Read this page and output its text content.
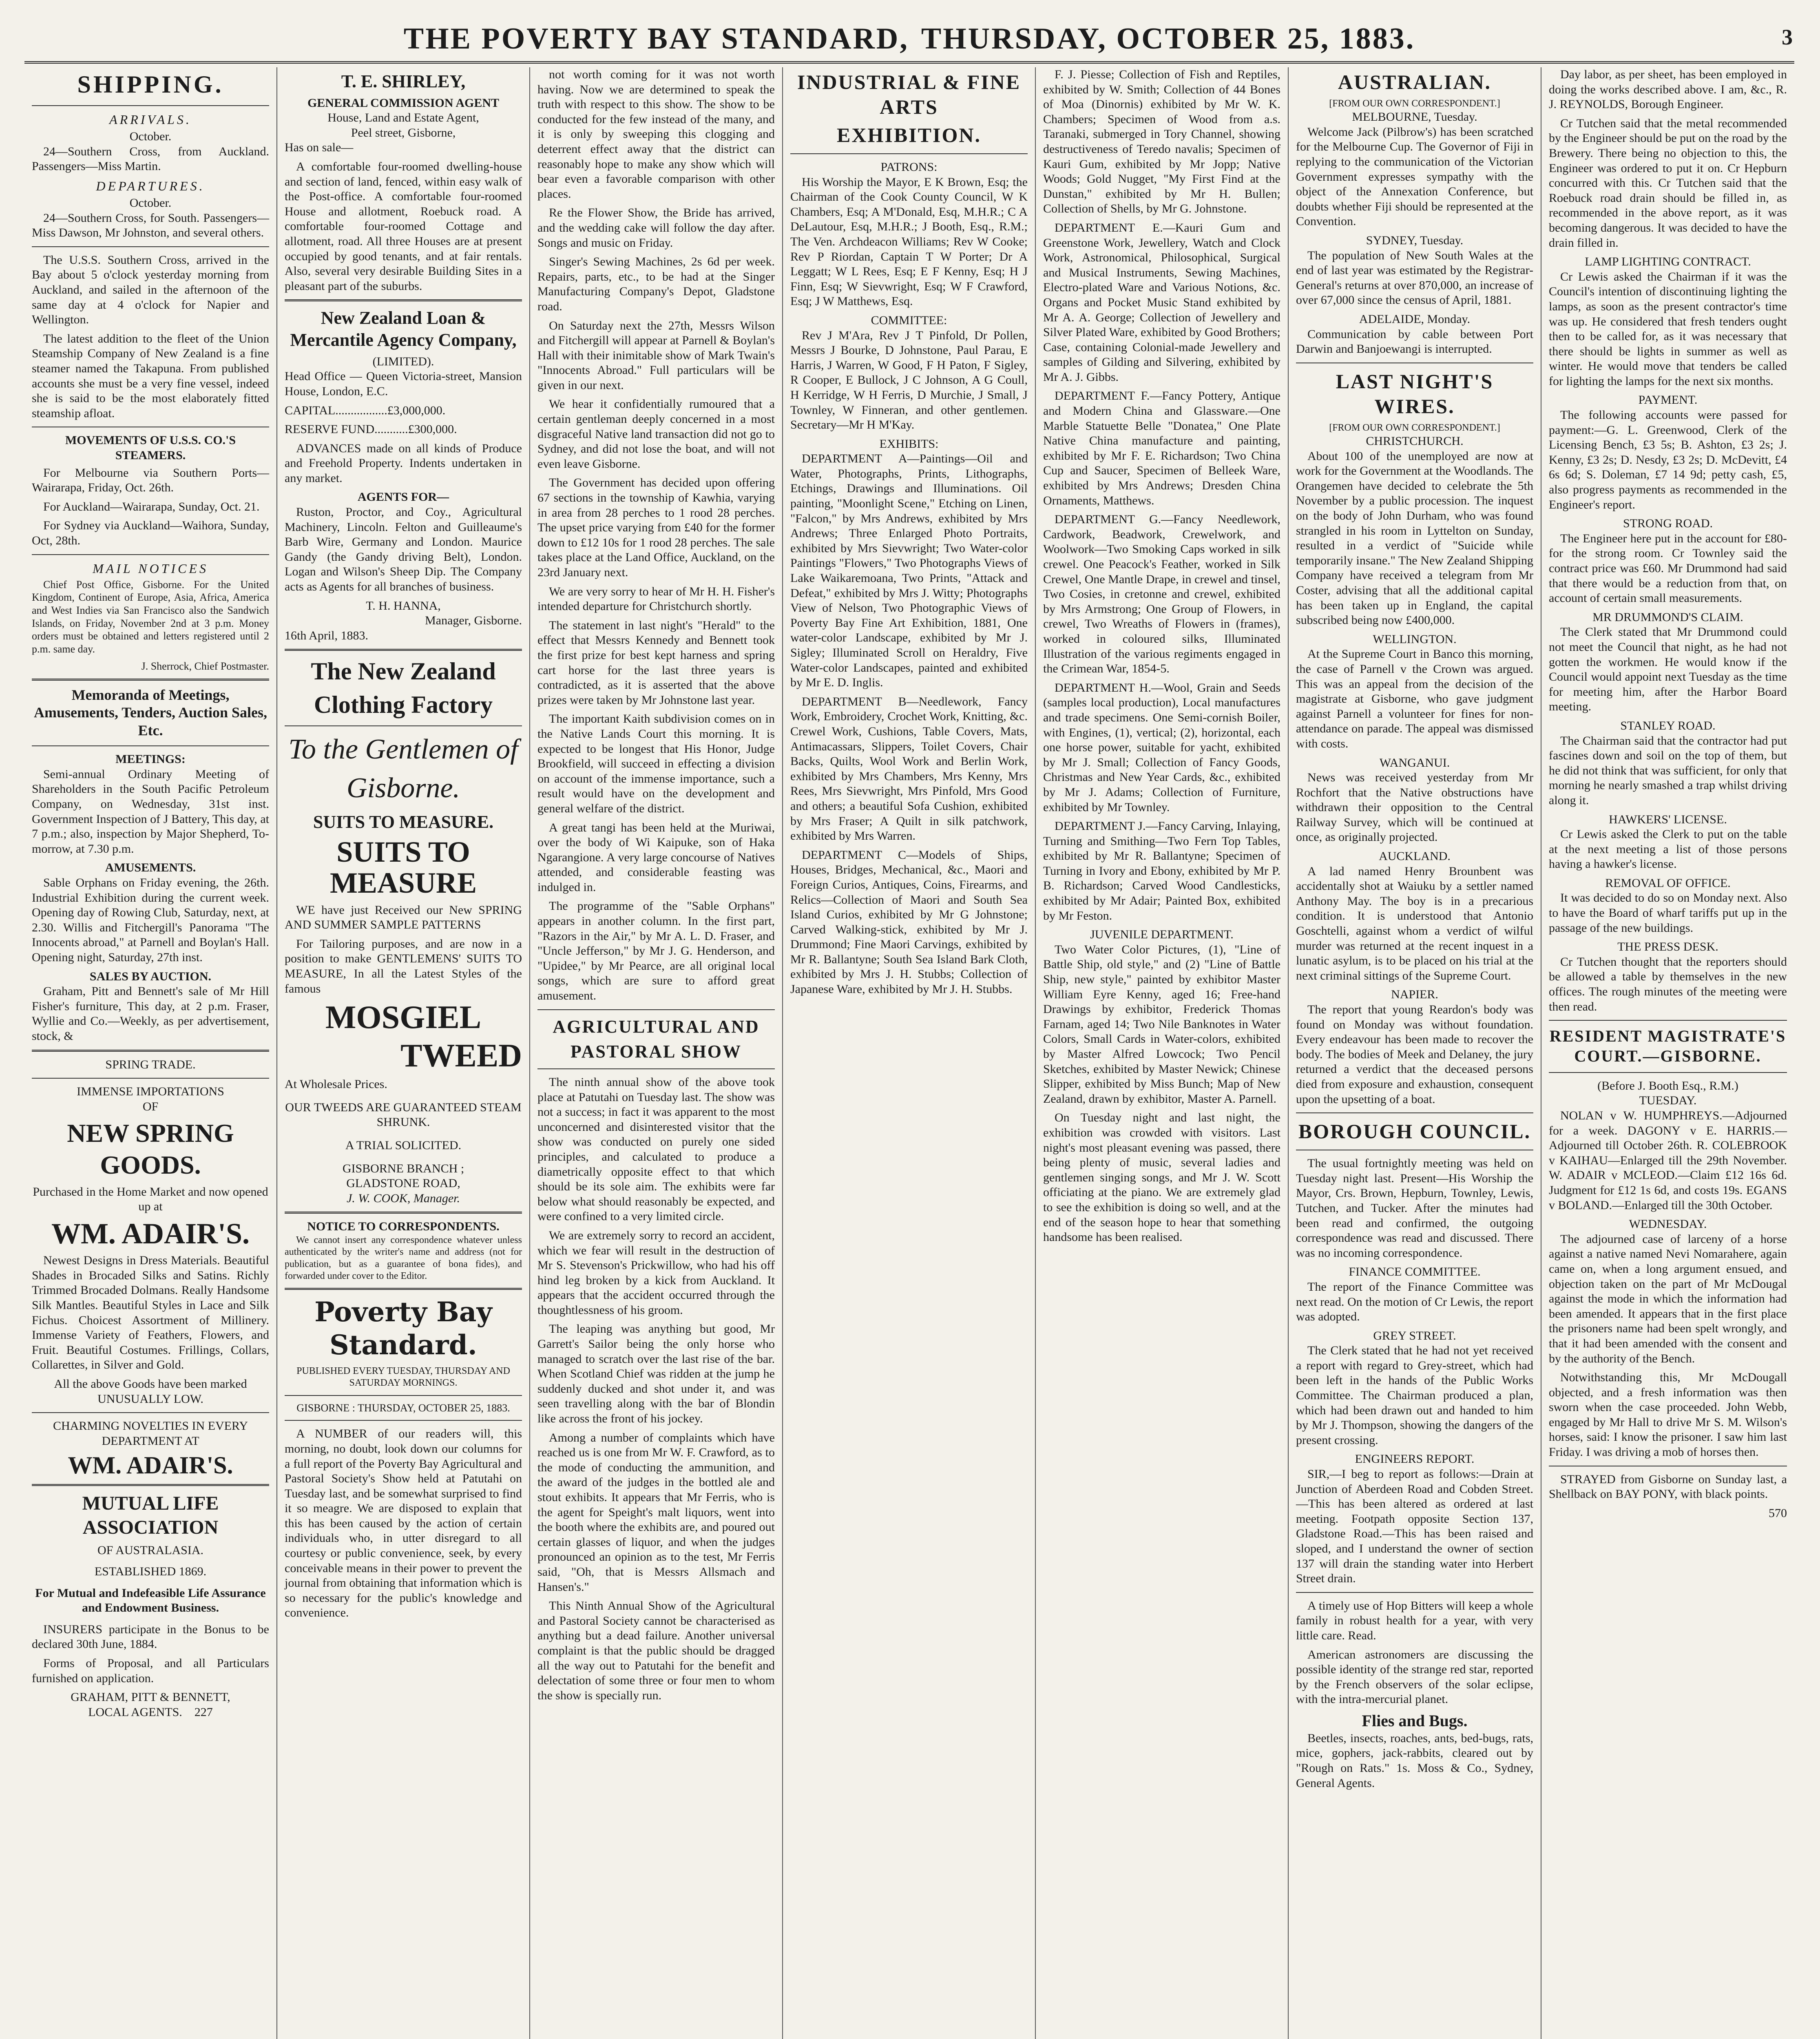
THE POVERTY BAY STANDARD, THURSDAY, OCTOBER 25, 1883.	3
SHIPPING.
ARRIVALS.
October.

24—Southern Cross, from Auckland. Passengers—Miss Martin.

DEPARTURES.
October.

24—Southern Cross, for South. Passengers—Miss Dawson, Mr Johnston, and several others.

The U.S.S. Southern Cross, arrived in the Bay about 5 o'clock yesterday morning from Auckland, and sailed in the afternoon of the same day at 4 o'clock for Napier and Wellington.

The latest addition to the fleet of the Union Steamship Company of New Zealand is a fine steamer named the Takapuna. From published accounts she must be a very fine vessel, indeed she is said to be the most elaborately fitted steamship afloat.

MOVEMENTS OF U.S.S. CO.'S STEAMERS.

For Melbourne via Southern Ports—Wairarapa, Friday, Oct. 26th.

For Auckland—Wairarapa, Sunday, Oct. 21.

For Sydney via Auckland—Waihora, Sunday, Oct, 28th.

MAIL NOTICES

Chief Post Office, Gisborne. For the United Kingdom, Continent of Europe, Asia, Africa, America and West Indies via San Francisco also the Sandwich Islands, on Friday, November 2nd at 3 p.m. Money orders must be obtained and letters registered until 2 p.m. same day.

J. Sherrock, Chief Postmaster.
Memoranda of Meetings, Amusements, Tenders, Auction Sales, Etc.
MEETINGS:

Semi-annual Ordinary Meeting of Shareholders in the South Pacific Petroleum Company, on Wednesday, 31st inst. Government Inspection of J Battery, This day, at 7 p.m.; also, inspection by Major Shepherd, To-morrow, at 7.30 p.m.

AMUSEMENTS.

Sable Orphans on Friday evening, the 26th. Industrial Exhibition during the current week. Opening day of Rowing Club, Saturday, next, at 2.30. Willis and Fitchergill's Panorama "The Innocents abroad," at Parnell and Boylan's Hall. Opening night, Saturday, 27th inst.

SALES BY AUCTION.

Graham, Pitt and Bennett's sale of Mr Hill Fisher's furniture, This day, at 2 p.m. Fraser, Wyllie and Co.—Weekly, as per advertisement, stock, &

SPRING TRADE.
IMMENSE IMPORTATIONS
OF
NEW SPRING GOODS.
Purchased in the Home Market and now opened up at
WM. ADAIR'S.

Newest Designs in Dress Materials. Beautiful Shades in Brocaded Silks and Satins. Richly Trimmed Brocaded Dolmans. Really Handsome Silk Mantles. Beautiful Styles in Lace and Silk Fichus. Choicest Assortment of Millinery. Immense Variety of Feathers, Flowers, and Fruit. Beautiful Costumes. Frillings, Collars, Collarettes, in Silver and Gold.

All the above Goods have been marked UNUSUALLY LOW.
CHARMING NOVELTIES IN EVERY DEPARTMENT AT
WM. ADAIR'S.
MUTUAL LIFE ASSOCIATION
OF AUSTRALASIA.
ESTABLISHED 1869.
For Mutual and Indefeasible Life Assurance and Endowment Business.

INSURERS participate in the Bonus to be declared 30th June, 1884.

Forms of Proposal, and all Particulars furnished on application.

GRAHAM, PITT & BENNETT,
LOCAL AGENTS. 227
T. E. SHIRLEY,
GENERAL COMMISSION AGENT
House, Land and Estate Agent,
Peel street, Gisborne,

Has on sale—

A comfortable four-roomed dwelling-house and section of land, fenced, within easy walk of the Post-office. A comfortable four-roomed House and allotment, Roebuck road. A comfortable four-roomed Cottage and allotment, road. All three Houses are at present occupied by good tenants, and at fair rentals. Also, several very desirable Building Sites in a pleasant part of the suburbs.

New Zealand Loan & Mercantile Agency Company,
(LIMITED).

Head Office — Queen Victoria-street, Mansion House, London, E.C.

CAPITAL.................£3,000,000.

RESERVE FUND...........£300,000.

ADVANCES made on all kinds of Produce and Freehold Property. Indents undertaken in any market.

AGENTS FOR—

Ruston, Proctor, and Coy., Agricultural Machinery, Lincoln. Felton and Guilleaume's Barb Wire, Germany and London. Maurice Gandy (the Gandy driving Belt), London. Logan and Wilson's Sheep Dip. The Company acts as Agents for all branches of business.

T. H. HANNA,
Manager, Gisborne.
16th April, 1883.
The New Zealand
Clothing Factory
To the Gentlemen of
Gisborne.
SUITS TO MEASURE.
SUITS TO MEASURE

WE have just Received our New SPRING AND SUMMER SAMPLE PATTERNS

For Tailoring purposes, and are now in a position to make GENTLEMENS' SUITS TO MEASURE, In all the Latest Styles of the famous

MOSGIEL
TWEED

At Wholesale Prices.

OUR TWEEDS ARE GUARANTEED STEAM SHRUNK.
A TRIAL SOLICITED.
GISBORNE BRANCH ;
GLADSTONE ROAD,
J. W. COOK, Manager.
NOTICE TO CORRESPONDENTS.

We cannot insert any correspondence whatever unless authenticated by the writer's name and address (not for publication, but as a guarantee of bona fides), and forwarded under cover to the Editor.

Poverty Bay Standard.
PUBLISHED EVERY TUESDAY, THURSDAY AND SATURDAY MORNINGS.
GISBORNE : THURSDAY, OCTOBER 25, 1883.

A NUMBER of our readers will, this morning, no doubt, look down our columns for a full report of the Poverty Bay Agricultural and Pastoral Society's Show held at Patutahi on Tuesday last, and be somewhat surprised to find it so meagre. We are disposed to explain that this has been caused by the action of certain individuals who, in utter disregard to all courtesy or public convenience, seek, by every conceivable means in their power to prevent the journal from obtaining that information which is so necessary for the public's knowledge and convenience.

not worth coming for it was not worth having. Now we are determined to speak the truth with respect to this show. The show to be conducted for the few instead of the many, and it is only by sweeping this clogging and deterrent effect away that the district can reasonably hope to make any show which will bear even a favorable comparison with other places.

Re the Flower Show, the Bride has arrived, and the wedding cake will follow the day after. Songs and music on Friday.

Singer's Sewing Machines, 2s 6d per week. Repairs, parts, etc., to be had at the Singer Manufacturing Company's Depot, Gladstone road.

On Saturday next the 27th, Messrs Wilson and Fitchergill will appear at Parnell & Boylan's Hall with their inimitable show of Mark Twain's "Innocents Abroad." Full particulars will be given in our next.

We hear it confidentially rumoured that a certain gentleman deeply concerned in a most disgraceful Native land transaction did not go to Sydney, and did not lose the boat, and will not even leave Gisborne.

The Government has decided upon offering 67 sections in the township of Kawhia, varying in area from 28 perches to 1 rood 28 perches. The upset price varying from £40 for the former down to £12 10s for 1 rood 28 perches. The sale takes place at the Land Office, Auckland, on the 23rd January next.

We are very sorry to hear of Mr H. H. Fisher's intended departure for Christchurch shortly.

The statement in last night's "Herald" to the effect that Messrs Kennedy and Bennett took the first prize for best kept harness and spring cart horse for the last three years is contradicted, as it is asserted that the above prizes were taken by Mr Johnstone last year.

The important Kaith subdivision comes on in the Native Lands Court this morning. It is expected to be longest that His Honor, Judge Brookfield, will succeed in effecting a division on account of the immense importance, such a result would have on the development and general welfare of the district.

A great tangi has been held at the Muriwai, over the body of Wi Kaipuke, son of Haka Ngarangione. A very large concourse of Natives attended, and considerable feasting was indulged in.

The programme of the "Sable Orphans" appears in another column. In the first part, "Razors in the Air," by Mr A. L. D. Fraser, and "Uncle Jefferson," by Mr J. G. Henderson, and "Upidee," by Mr Pearce, are all original local songs, which are sure to afford great amusement.

AGRICULTURAL AND
PASTORAL SHOW

The ninth annual show of the above took place at Patutahi on Tuesday last. The show was not a success; in fact it was apparent to the most unconcerned and disinterested visitor that the show was conducted on purely one sided principles, and calculated to produce a diametrically opposite effect to that which should be its sole aim. The exhibits were far below what should reasonably be expected, and were confined to a very limited circle.

We are extremely sorry to record an accident, which we fear will result in the destruction of Mr S. Stevenson's Prickwillow, who had his off hind leg broken by a kick from Auckland. It appears that the accident occurred through the thoughtlessness of his groom.

The leaping was anything but good, Mr Garrett's Sailor being the only horse who managed to scratch over the last rise of the bar. When Scotland Chief was ridden at the jump he suddenly ducked and shot under it, and was seen travelling along with the bar of Blondin like across the front of his jockey.

Among a number of complaints which have reached us is one from Mr W. F. Crawford, as to the mode of conducting the ammunition, and the award of the judges in the bottled ale and stout exhibits. It appears that Mr Ferris, who is the agent for Speight's malt liquors, went into the booth where the exhibits are, and poured out certain glasses of liquor, and when the judges pronounced an opinion as to the test, Mr Ferris said, "Oh, that is Messrs Allsmach and Hansen's."

This Ninth Annual Show of the Agricultural and Pastoral Society cannot be characterised as anything but a dead failure. Another universal complaint is that the public should be dragged all the way out to Patutahi for the benefit and delectation of some three or four men to whom the show is specially run.

INDUSTRIAL & FINE ARTS
EXHIBITION.
PATRONS:

His Worship the Mayor, E K Brown, Esq; the Chairman of the Cook County Council, W K Chambers, Esq; A M'Donald, Esq, M.H.R.; C A DeLautour, Esq, M.H.R.; J Booth, Esq., R.M.; The Ven. Archdeacon Williams; Rev W Cooke; Rev P Riordan, Captain T W Porter; Dr A Leggatt; W L Rees, Esq; E F Kenny, Esq; H J Finn, Esq; W Sievwright, Esq; W F Crawford, Esq; J W Matthews, Esq.

COMMITTEE:

Rev J M'Ara, Rev J T Pinfold, Dr Pollen, Messrs J Bourke, D Johnstone, Paul Parau, E Harris, J Warren, W Good, F H Paton, F Sigley, R Cooper, E Bullock, J C Johnson, A G Coull, H Kerridge, W H Ferris, D Murchie, J Small, J Townley, W Finneran, and other gentlemen. Secretary—Mr H M'Kay.

EXHIBITS:

DEPARTMENT A—Paintings—Oil and Water, Photographs, Prints, Lithographs, Etchings, Drawings and Illuminations. Oil painting, "Moonlight Scene," Etching on Linen, "Falcon," by Mrs Andrews, exhibited by Mrs Andrews; Three Enlarged Photo Portraits, exhibited by Mrs Sievwright; Two Water-color Paintings "Flowers," Two Photographs Views of Lake Waikaremoana, Two Prints, "Attack and Defeat," exhibited by Mrs J. Witty; Photographs View of Nelson, Two Photographic Views of Poverty Bay Fine Art Exhibition, 1881, One water-color Landscape, exhibited by Mr J. Sigley; Illuminated Scroll on Heraldry, Five Water-color Landscapes, painted and exhibited by Mr E. D. Inglis.

DEPARTMENT B—Needlework, Fancy Work, Embroidery, Crochet Work, Knitting, &c. Crewel Work, Cushions, Table Covers, Mats, Antimacassars, Slippers, Toilet Covers, Chair Backs, Quilts, Wool Work and Berlin Work, exhibited by Mrs Chambers, Mrs Kenny, Mrs Rees, Mrs Sievwright, Mrs Pinfold, Mrs Good and others; a beautiful Sofa Cushion, exhibited by Mrs Fraser; A Quilt in silk patchwork, exhibited by Mrs Warren.

DEPARTMENT C—Models of Ships, Houses, Bridges, Mechanical, &c., Maori and Foreign Curios, Antiques, Coins, Firearms, and Relics—Collection of Maori and South Sea Island Curios, exhibited by Mr G Johnstone; Carved Walking-stick, exhibited by Mr J. Drummond; Fine Maori Carvings, exhibited by Mr R. Ballantyne; South Sea Island Bark Cloth, exhibited by Mrs J. H. Stubbs; Collection of Japanese Ware, exhibited by Mr J. H. Stubbs.

F. J. Piesse; Collection of Fish and Reptiles, exhibited by W. Smith; Collection of 44 Bones of Moa (Dinornis) exhibited by Mr W. K. Chambers; Specimen of Wood from a.s. Taranaki, submerged in Tory Channel, showing destructiveness of Teredo navalis; Specimen of Kauri Gum, exhibited by Mr Jopp; Native Woods; Gold Nugget, "My First Find at the Dunstan," exhibited by Mr H. Bullen; Collection of Shells, by Mr G. Johnstone.

DEPARTMENT E.—Kauri Gum and Greenstone Work, Jewellery, Watch and Clock Work, Astronomical, Philosophical, Surgical and Musical Instruments, Sewing Machines, Electro-plated Ware and Various Notions, &c. Organs and Pocket Music Stand exhibited by Mr A. A. George; Collection of Jewellery and Silver Plated Ware, exhibited by Good Brothers; Case, containing Colonial-made Jewellery and samples of Gilding and Silvering, exhibited by Mr A. J. Gibbs.

DEPARTMENT F.—Fancy Pottery, Antique and Modern China and Glassware.—One Marble Statuette Belle "Donatea," One Plate Native China manufacture and painting, exhibited by Mr F. E. Richardson; Two China Cup and Saucer, Specimen of Belleek Ware, exhibited by Mrs Andrews; Dresden China Ornaments, Matthews.

DEPARTMENT G.—Fancy Needlework, Cardwork, Beadwork, Crewelwork, and Woolwork—Two Smoking Caps worked in silk crewel. One Peacock's Feather, worked in Silk Crewel, One Mantle Drape, in crewel and tinsel, Two Cosies, in cretonne and crewel, exhibited by Mrs Armstrong; One Group of Flowers, in crewel, Two Wreaths of Flowers in (frames), worked in coloured silks, Illuminated Illustration of the various regiments engaged in the Crimean War, 1854-5.

DEPARTMENT H.—Wool, Grain and Seeds (samples local production), Local manufactures and trade specimens. One Semi-cornish Boiler, with Engines, (1), vertical; (2), horizontal, each one horse power, suitable for yacht, exhibited by Mr J. Small; Collection of Fancy Goods, Christmas and New Year Cards, &c., exhibited by Mr J. Adams; Collection of Furniture, exhibited by Mr Townley.

DEPARTMENT J.—Fancy Carving, Inlaying, Turning and Smithing—Two Fern Top Tables, exhibited by Mr R. Ballantyne; Specimen of Turning in Ivory and Ebony, exhibited by Mr P. B. Richardson; Carved Wood Candlesticks, exhibited by Mr Adair; Painted Box, exhibited by Mr Feston.

JUVENILE DEPARTMENT.

Two Water Color Pictures, (1), "Line of Battle Ship, old style," and (2) "Line of Battle Ship, new style," painted by exhibitor Master William Eyre Kenny, aged 16; Free-hand Drawings by exhibitor, Frederick Thomas Farnam, aged 14; Two Nile Banknotes in Water Colors, Small Cards in Water-colors, exhibited by Master Alfred Lowcock; Two Pencil Sketches, exhibited by Master Newick; Chinese Slipper, exhibited by Miss Bunch; Map of New Zealand, drawn by exhibitor, Master A. Parnell.

On Tuesday night and last night, the exhibition was crowded with visitors. Last night's most pleasant evening was passed, there being plenty of music, several ladies and gentlemen singing songs, and Mr J. W. Scott officiating at the piano. We are extremely glad to see the exhibition is doing so well, and at the end of the season hope to hear that something handsome has been realised.

AUSTRALIAN.
[FROM OUR OWN CORRESPONDENT.]
MELBOURNE, Tuesday.

Welcome Jack (Pilbrow's) has been scratched for the Melbourne Cup. The Governor of Fiji in replying to the communication of the Victorian Government expresses sympathy with the object of the Annexation Conference, but doubts whether Fiji should be represented at the Convention.

SYDNEY, Tuesday.

The population of New South Wales at the end of last year was estimated by the Registrar-General's returns at over 870,000, an increase of over 67,000 since the census of April, 1881.

ADELAIDE, Monday.

Communication by cable between Port Darwin and Banjoewangi is interrupted.

LAST NIGHT'S WIRES.
[FROM OUR OWN CORRESPONDENT.]
CHRISTCHURCH.

About 100 of the unemployed are now at work for the Government at the Woodlands. The Orangemen have decided to celebrate the 5th November by a public procession. The inquest on the body of John Durham, who was found strangled in his room in Lyttelton on Sunday, resulted in a verdict of "Suicide while temporarily insane." The New Zealand Shipping Company have received a telegram from Mr Coster, advising that all the additional capital has been taken up in England, the capital subscribed being now £400,000.

WELLINGTON.

At the Supreme Court in Banco this morning, the case of Parnell v the Crown was argued. This was an appeal from the decision of the magistrate at Gisborne, who gave judgment against Parnell a volunteer for fines for non-attendance on parade. The appeal was dismissed with costs.

WANGANUI.

News was received yesterday from Mr Rochfort that the Native obstructions have withdrawn their opposition to the Central Railway Survey, which will be continued at once, as originally projected.

AUCKLAND.

A lad named Henry Brounbent was accidentally shot at Waiuku by a settler named Anthony May. The boy is in a precarious condition. It is understood that Antonio Goschtelli, against whom a verdict of wilful murder was returned at the recent inquest in a lunatic asylum, is to be placed on his trial at the next criminal sittings of the Supreme Court.

NAPIER.

The report that young Reardon's body was found on Monday was without foundation. Every endeavour has been made to recover the body. The bodies of Meek and Delaney, the jury returned a verdict that the deceased persons died from exposure and exhaustion, consequent upon the upsetting of a boat.

BOROUGH COUNCIL.

The usual fortnightly meeting was held on Tuesday night last. Present—His Worship the Mayor, Crs. Brown, Hepburn, Townley, Lewis, Tutchen, and Tucker. After the minutes had been read and confirmed, the outgoing correspondence was read and discussed. There was no incoming correspondence.

FINANCE COMMITTEE.

The report of the Finance Committee was next read. On the motion of Cr Lewis, the report was adopted.

GREY STREET.

The Clerk stated that he had not yet received a report with regard to Grey-street, which had been left in the hands of the Public Works Committee. The Chairman produced a plan, which had been drawn out and handed to him by Mr J. Thompson, showing the dangers of the present crossing.

ENGINEERS REPORT.

SIR,—I beg to report as follows:—Drain at Junction of Aberdeen Road and Cobden Street.—This has been altered as ordered at last meeting. Footpath opposite Section 137, Gladstone Road.—This has been raised and sloped, and I understand the owner of section 137 will drain the standing water into Herbert Street drain.

A timely use of Hop Bitters will keep a whole family in robust health for a year, with very little care. Read.

American astronomers are discussing the possible identity of the strange red star, reported by the French observers of the solar eclipse, with the intra-mercurial planet.

Flies and Bugs.

Beetles, insects, roaches, ants, bed-bugs, rats, mice, gophers, jack-rabbits, cleared out by "Rough on Rats." 1s. Moss & Co., Sydney, General Agents.

Day labor, as per sheet, has been employed in doing the works described above. I am, &c., R. J. REYNOLDS, Borough Engineer.

Cr Tutchen said that the metal recommended by the Engineer should be put on the road by the Brewery. There being no objection to this, the Engineer was ordered to put it on. Cr Hepburn concurred with this. Cr Tutchen said that the Roebuck road drain should be filled in, as recommended in the above report, as it was becoming dangerous. It was decided to have the drain filled in.

LAMP LIGHTING CONTRACT.

Cr Lewis asked the Chairman if it was the Council's intention of discontinuing lighting the lamps, as soon as the present contractor's time was up. He considered that fresh tenders ought then to be called for, as it was necessary that there should be lights in summer as well as winter. He would move that tenders be called for lighting the lamps for the next six months.

PAYMENT.

The following accounts were passed for payment:—G. L. Greenwood, Clerk of the Licensing Bench, £3 5s; B. Ashton, £3 2s; J. Kenny, £3 2s; D. Nesdy, £3 2s; D. McDevitt, £4 6s 6d; S. Doleman, £7 14 9d; petty cash, £5, also progress payments as recommended in the Engineer's report.

STRONG ROAD.

The Engineer here put in the account for £80-for the strong room. Cr Townley said the contract price was £60. Mr Drummond had said that there would be a reduction from that, on account of certain small measurements.

MR DRUMMOND'S CLAIM.

The Clerk stated that Mr Drummond could not meet the Council that night, as he had not gotten the workmen. He would know if the Council would appoint next Tuesday as the time for meeting him, after the Harbor Board meeting.

STANLEY ROAD.

The Chairman said that the contractor had put fascines down and soil on the top of them, but he did not think that was sufficient, for only that morning he nearly smashed a trap whilst driving along it.

HAWKERS' LICENSE.

Cr Lewis asked the Clerk to put on the table at the next meeting a list of those persons having a hawker's license.

REMOVAL OF OFFICE.

It was decided to do so on Monday next. Also to have the Board of wharf tariffs put up in the passage of the new buildings.

THE PRESS DESK.

Cr Tutchen thought that the reporters should be allowed a table by themselves in the new offices. The rough minutes of the meeting were then read.

RESIDENT MAGISTRATE'S COURT.—GISBORNE.
(Before J. Booth Esq., R.M.)
TUESDAY.

NOLAN v W. HUMPHREYS.—Adjourned for a week. DAGONY v E. HARRIS.—Adjourned till October 26th. R. COLEBROOK v KAIHAU—Enlarged till the 29th November. W. ADAIR v MCLEOD.—Claim £12 16s 6d. Judgment for £12 1s 6d, and costs 19s. EGANS v BOLAND.—Enlarged till the 30th October.

WEDNESDAY.

The adjourned case of larceny of a horse against a native named Nevi Nomarahere, again came on, when a long argument ensued, and objection taken on the part of Mr McDougal against the mode in which the information had been amended. It appears that in the first place the prisoners name had been spelt wrongly, and that it had been amended with the consent and by the authority of the Bench.

Notwithstanding this, Mr McDougall objected, and a fresh information was then sworn when the case proceeded. John Webb, engaged by Mr Hall to drive Mr S. M. Wilson's horses, said: I know the prisoner. I saw him last Friday. I was driving a mob of horses then.

STRAYED from Gisborne on Sunday last, a Shellback on BAY PONY, with black points.

570
